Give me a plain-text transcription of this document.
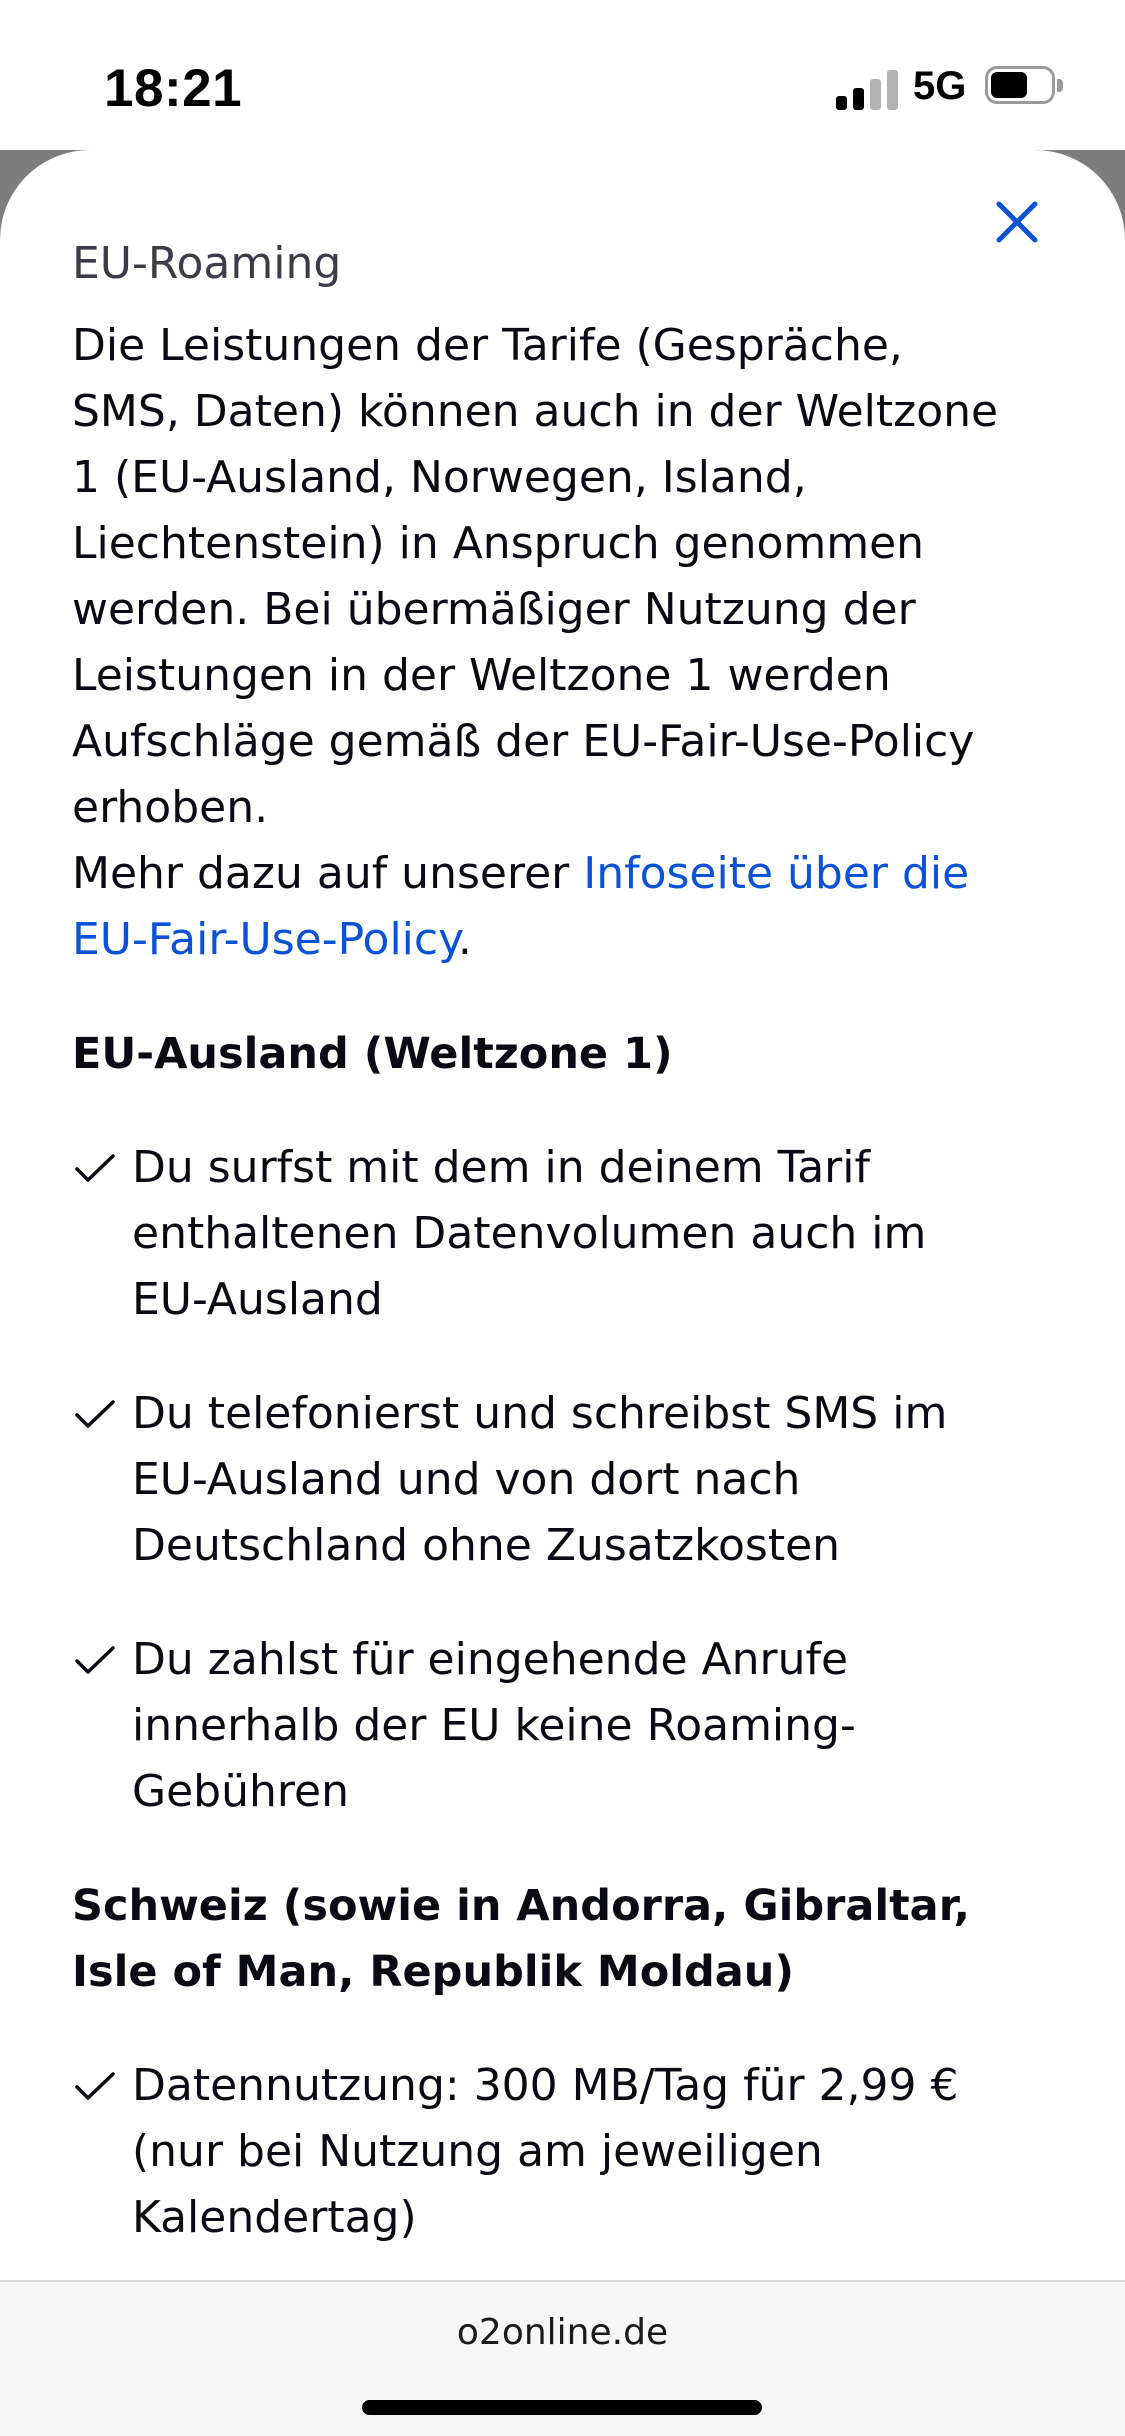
18:21	5G
EU-Roaming

Die Leistungen der Tarife (Gespräche, SMS, Daten) können auch in der Weltzone 1 (EU-Ausland, Norwegen, Island, Liechtenstein) in Anspruch genommen werden. Bei übermäßiger Nutzung der Leistungen in der Weltzone 1 werden Aufschläge gemäß der EU-Fair-Use-Policy erhoben.
Mehr dazu auf unserer Infoseite über die EU-Fair-Use-Policy.

EU-Ausland (Weltzone 1)
Du surfst mit dem in deinem Tarif enthaltenen Datenvolumen auch im EU-Ausland
Du telefonierst und schreibst SMS im EU-Ausland und von dort nach Deutschland ohne Zusatzkosten
Du zahlst für eingehende Anrufe innerhalb der EU keine Roaming-Gebühren
Schweiz (sowie in Andorra, Gibraltar, Isle of Man, Republik Moldau)
Datennutzung: 300 MB/Tag für 2,99 € (nur bei Nutzung am jeweiligen Kalendertag)
o2online.de
